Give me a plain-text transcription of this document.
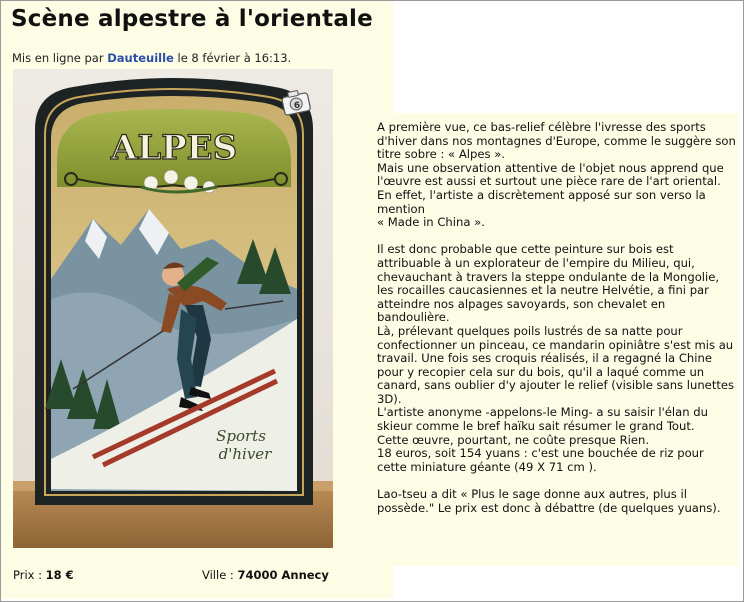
Scène alpestre à l'orientale
Mis en ligne par Dauteuille le 8 février à 16:13.
ALPES
Sports
d'hiver
6

A première vue, ce bas-relief célèbre l'ivresse des sports d'hiver dans nos montagnes d'Europe, comme le suggère son titre sobre : « Alpes ».
Mais une observation attentive de l'objet nous apprend que l'œuvre est aussi et surtout une pièce rare de l'art oriental. En effet, l'artiste a discrètement apposé sur son verso la mention
« Made in China ».

Il est donc probable que cette peinture sur bois est attribuable à un explorateur de l'empire du Milieu, qui, chevauchant à travers la steppe ondulante de la Mongolie, les rocailles caucasiennes et la neutre Helvétie, a fini par atteindre nos alpages savoyards, son chevalet en bandoulière.
Là, prélevant quelques poils lustrés de sa natte pour confectionner un pinceau, ce mandarin opiniâtre s'est mis au travail. Une fois ses croquis réalisés, il a regagné la Chine pour y recopier cela sur du bois, qu'il a laqué comme un canard, sans oublier d'y ajouter le relief (visible sans lunettes 3D).
L'artiste anonyme -appelons-le Ming- a su saisir l'élan du skieur comme le bref haïku sait résumer le grand Tout.
Cette œuvre, pourtant, ne coûte presque Rien.
18 euros, soit 154 yuans : c'est une bouchée de riz pour cette miniature géante (49 X 71 cm ).

Lao-tseu a dit « Plus le sage donne aux autres, plus il possède." Le prix est donc à débattre (de quelques yuans).

Prix : 18 €	Ville : 74000 Annecy
